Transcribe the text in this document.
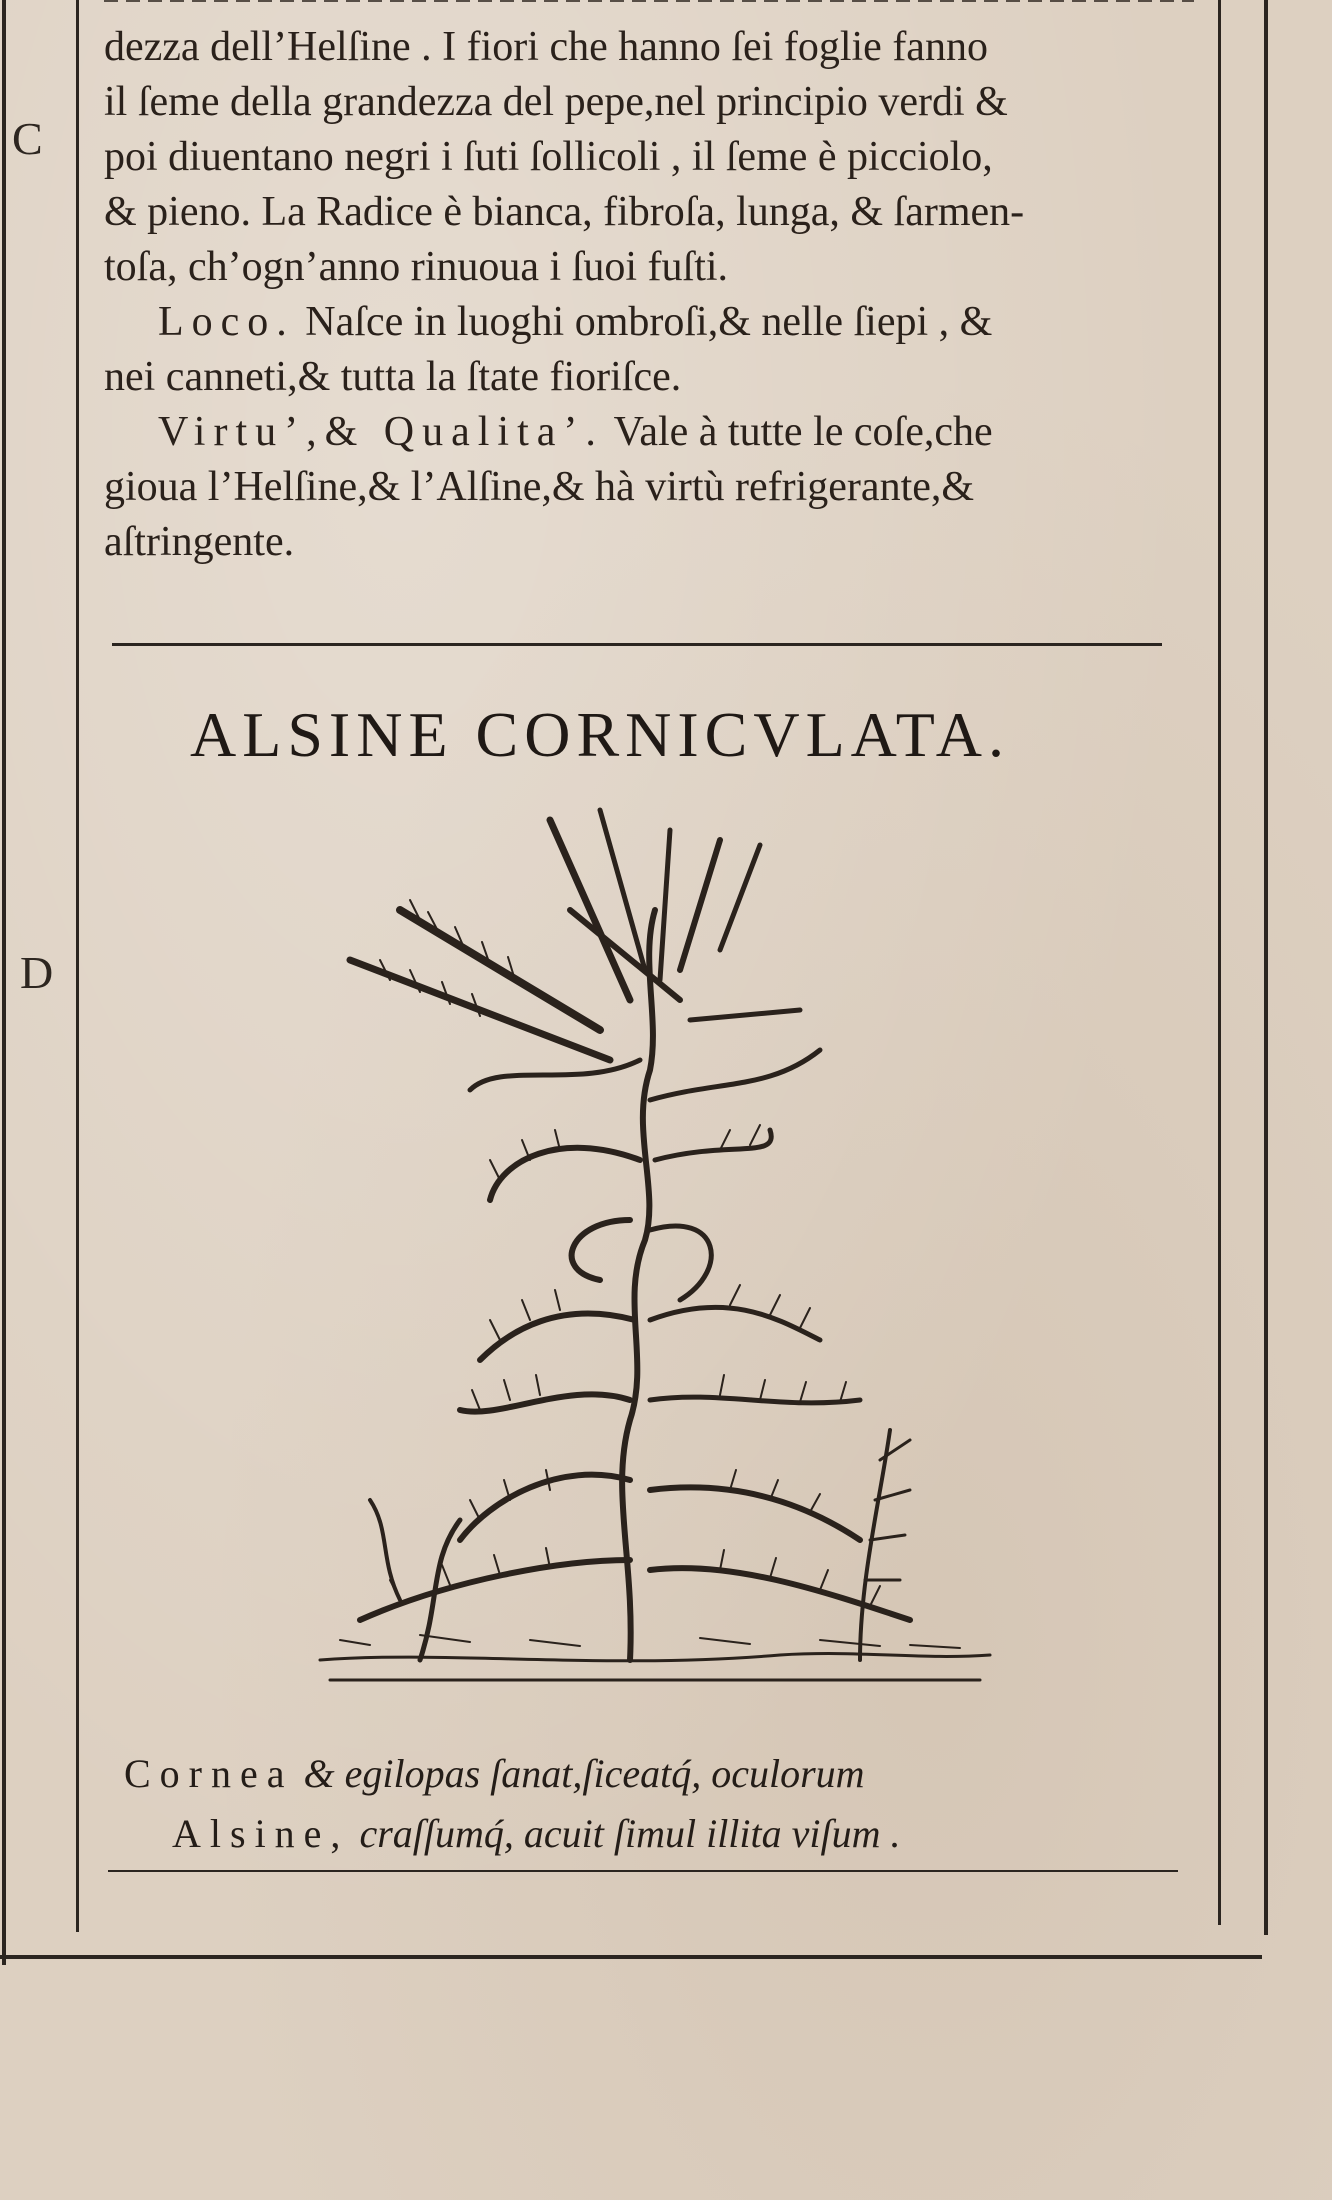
C
D

dezza dell’Helſine . I fiori che hanno ſei foglie fanno

il ſeme della grandezza del pepe,nel principio verdi &

poi diuentano negri i ſuti ſollicoli , il ſeme è picciolo,

& pieno. La Radice è bianca, fibroſa, lunga, & ſarmen-

toſa, ch’ogn’anno rinuoua i ſuoi fuſti.

Loco. Naſce in luoghi ombroſi,& nelle ſiepi , &

nei canneti,& tutta la ſtate fioriſce.

Virtu’,& Qualita’. Vale à tutte le coſe,che

gioua l’Helſine,& l’Alſine,& hà virtù refrigerante,&

aſtringente.

ALSINE CORNICVLATA.
Cornea & egilopas ſanat,ſiceatq́, oculorum
Alsine, craſſumq́, acuit ſimul illita viſum .
